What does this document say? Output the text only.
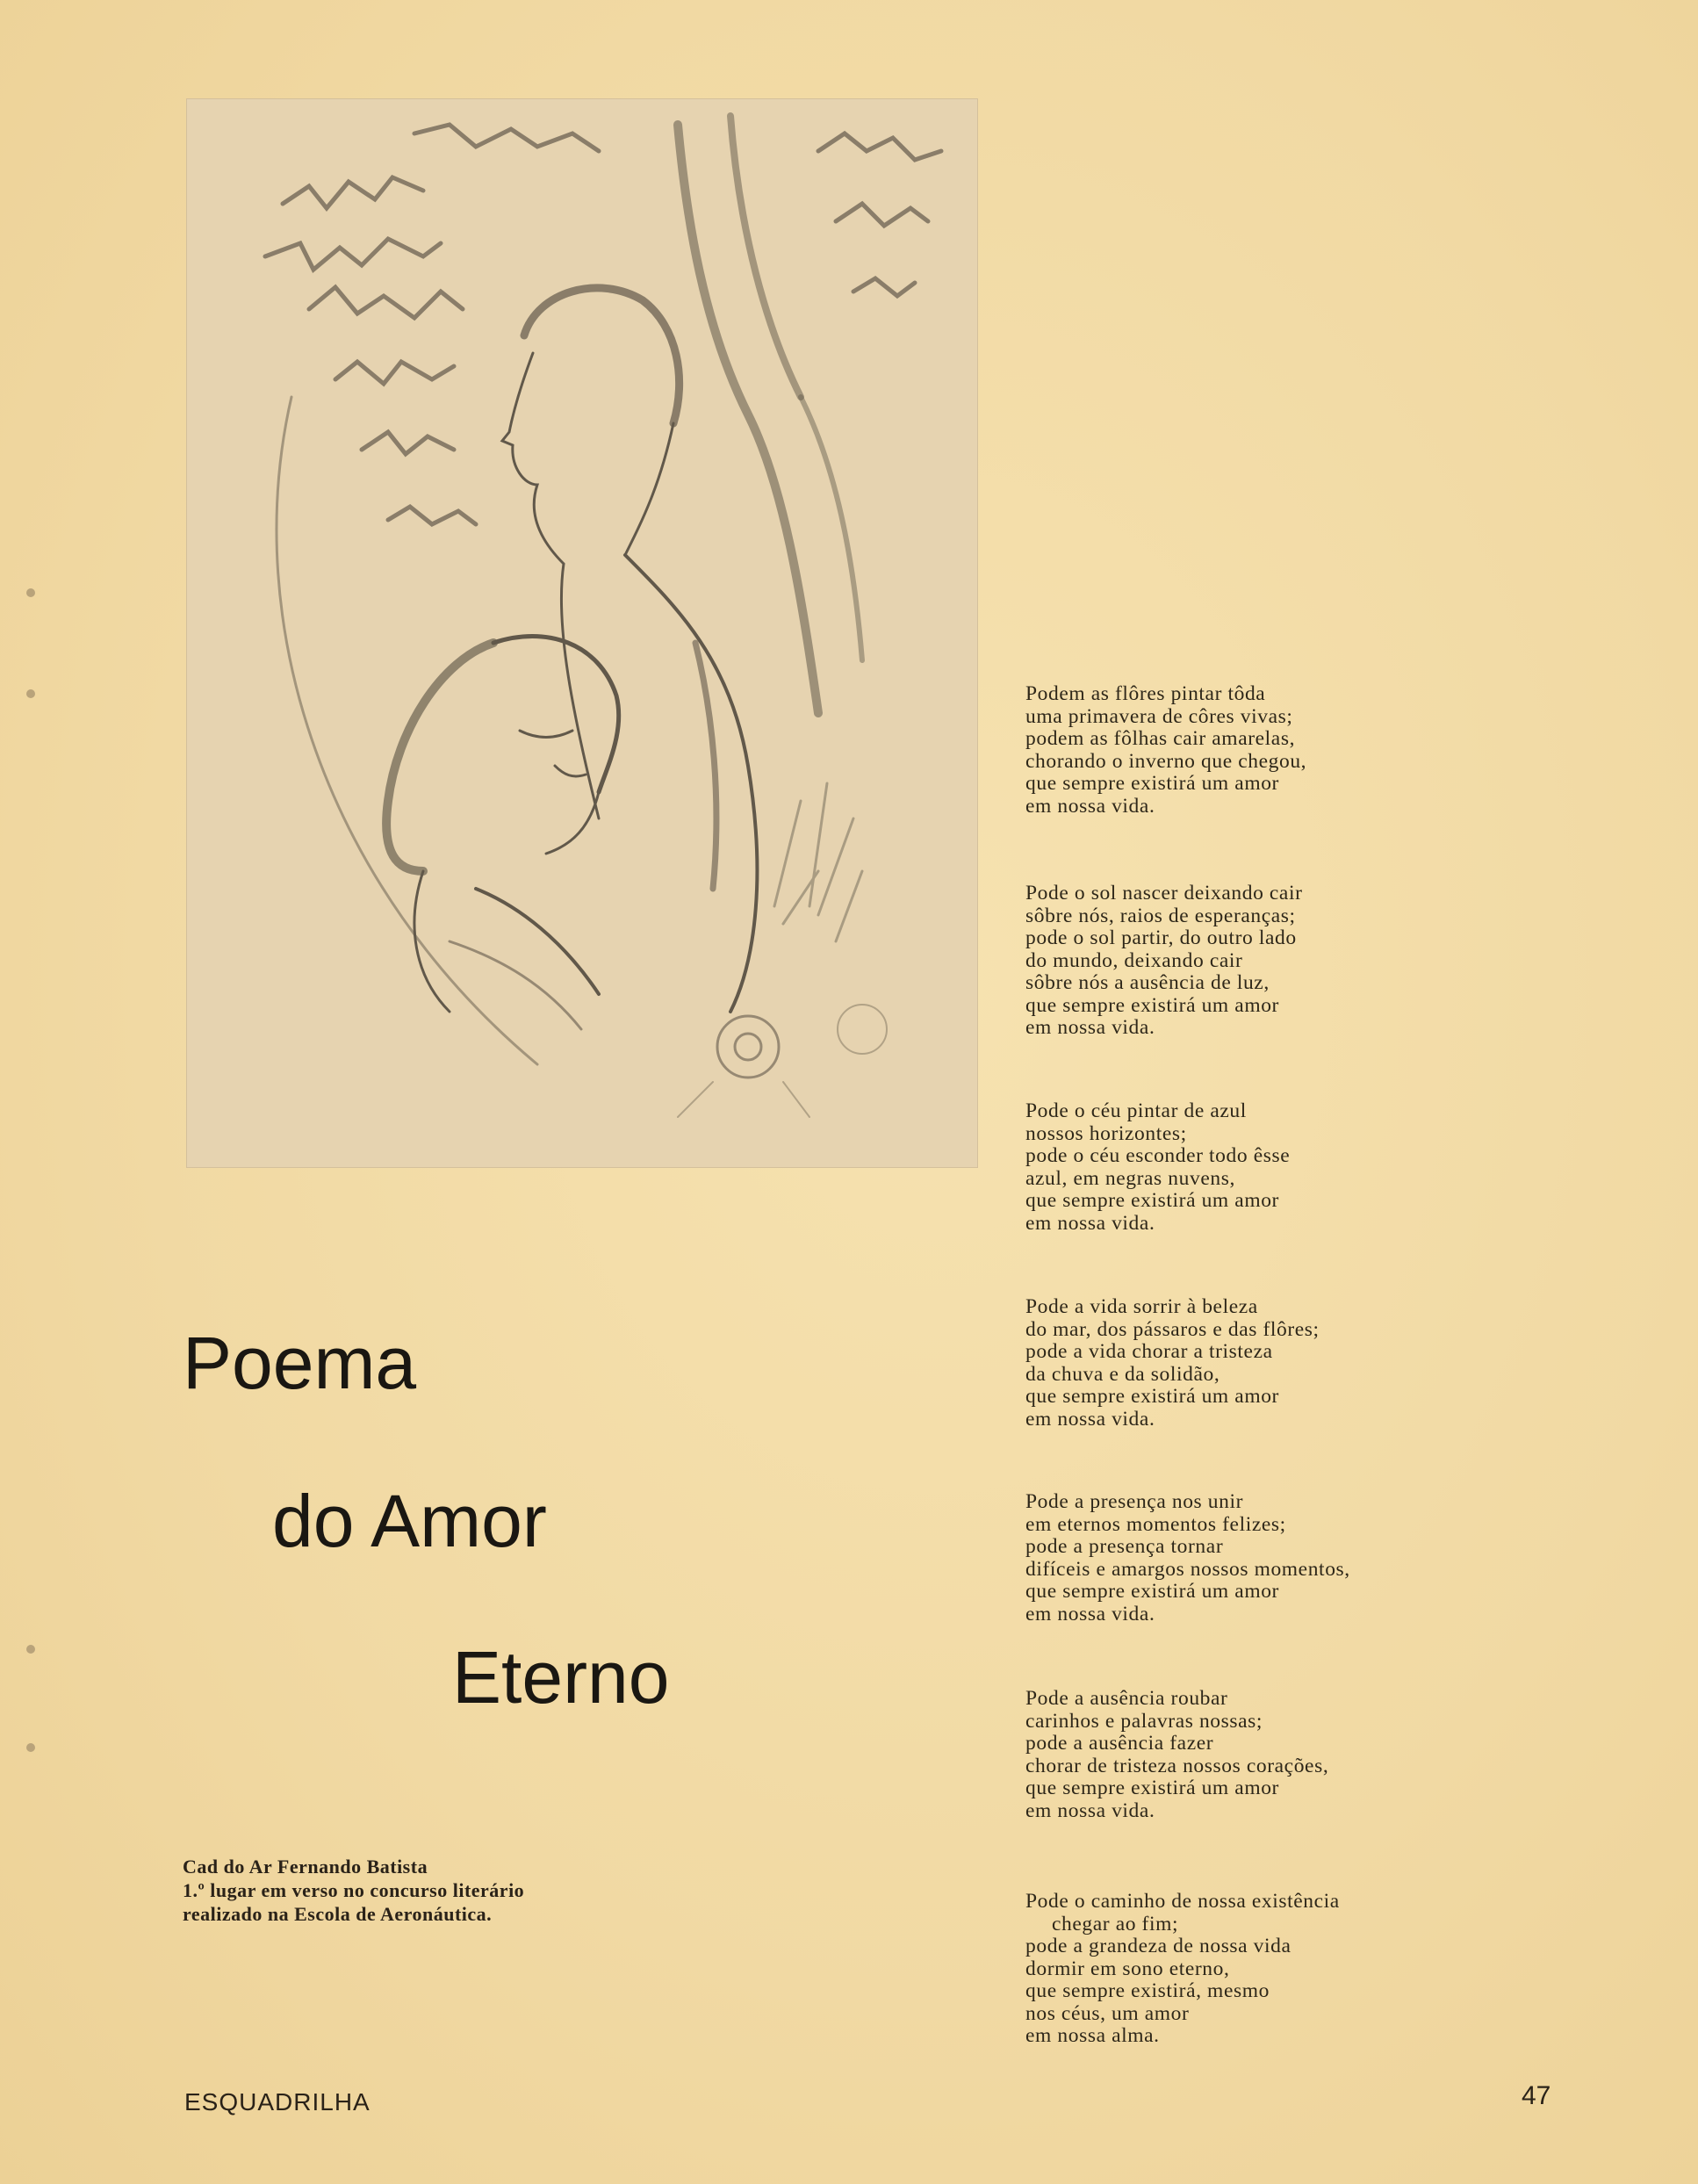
Poema
do Amor
Eterno
Cad do Ar Fernando Batista
1.º lugar em verso no concurso literário
realizado na Escola de Aeronáutica.
Podem as flôres pintar tôda
uma primavera de côres vivas;
podem as fôlhas cair amarelas,
chorando o inverno que chegou,
que sempre existirá um amor
em nossa vida.
Pode o sol nascer deixando cair
sôbre nós, raios de esperanças;
pode o sol partir, do outro lado
do mundo, deixando cair
sôbre nós a ausência de luz,
que sempre existirá um amor
em nossa vida.
Pode o céu pintar de azul
nossos horizontes;
pode o céu esconder todo êsse
azul, em negras nuvens,
que sempre existirá um amor
em nossa vida.
Pode a vida sorrir à beleza
do mar, dos pássaros e das flôres;
pode a vida chorar a tristeza
da chuva e da solidão,
que sempre existirá um amor
em nossa vida.
Pode a presença nos unir
em eternos momentos felizes;
pode a presença tornar
difíceis e amargos nossos momentos,
que sempre existirá um amor
em nossa vida.
Pode a ausência roubar
carinhos e palavras nossas;
pode a ausência fazer
chorar de tristeza nossos corações,
que sempre existirá um amor
em nossa vida.
Pode o caminho de nossa existência
chegar ao fim;
pode a grandeza de nossa vida
dormir em sono eterno,
que sempre existirá, mesmo
nos céus, um amor
em nossa alma.
ESQUADRILHA	47
